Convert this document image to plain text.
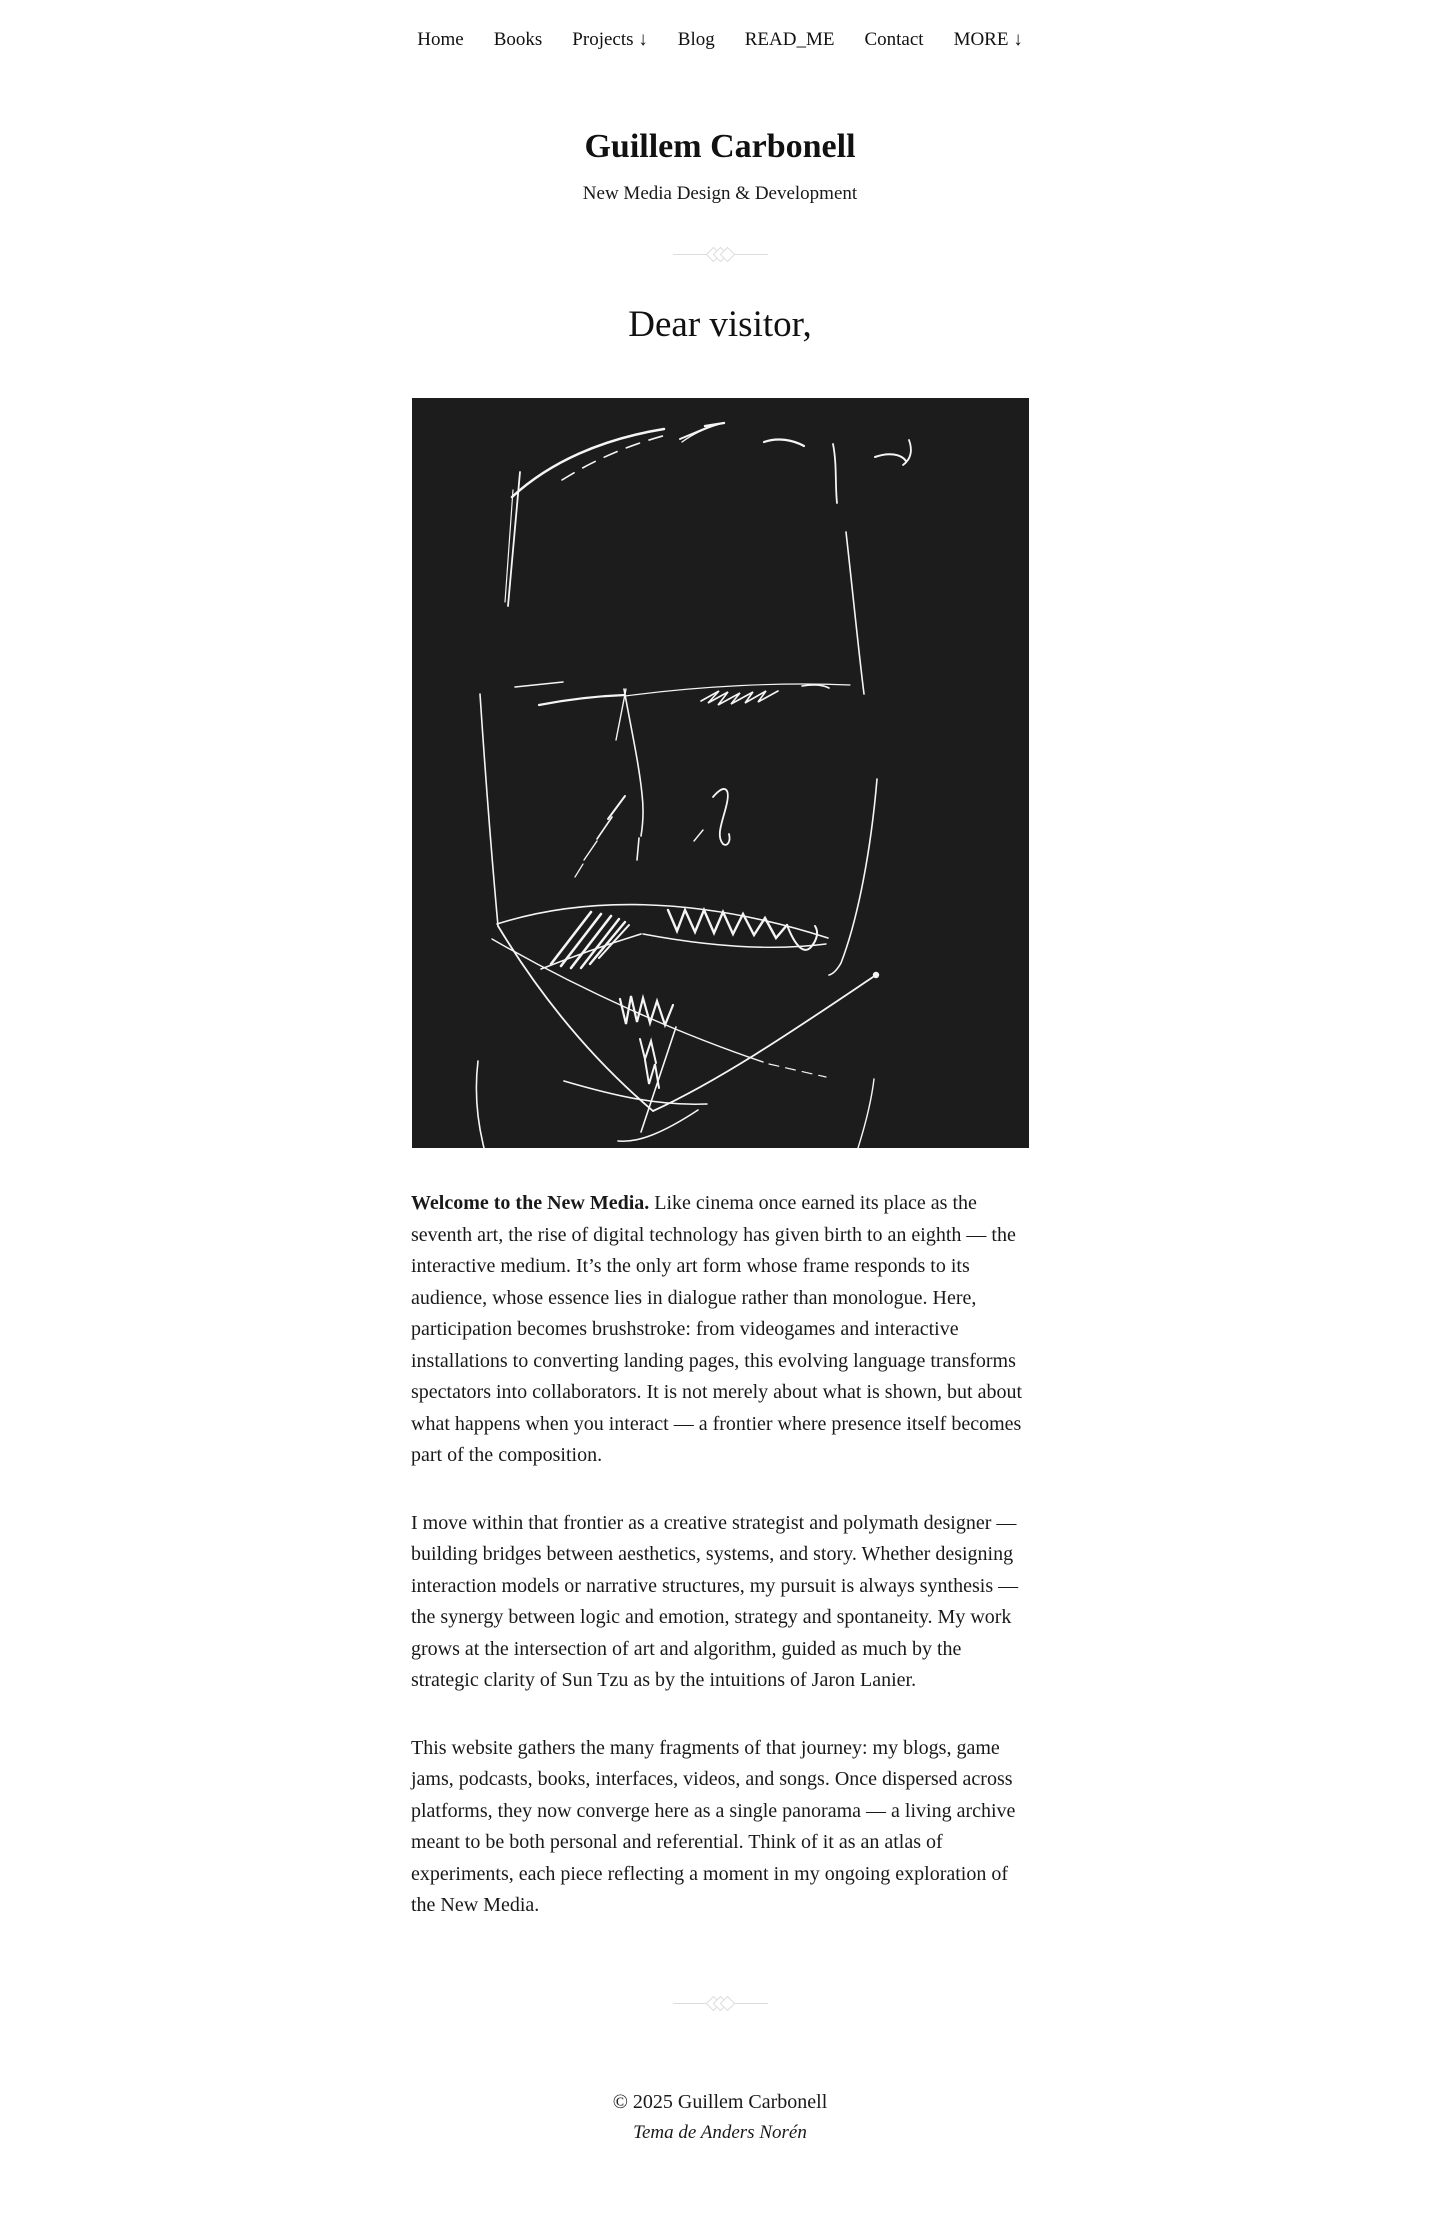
Home Books Projects ↓ Blog READ_ME Contact MORE ↓
Guillem Carbonell

New Media Design & Development

Dear visitor,

Welcome to the New Media. Like cinema once earned its place as the seventh art, the rise of digital technology has given birth to an eighth — the interactive medium. It’s the only art form whose frame responds to its audience, whose essence lies in dialogue rather than monologue. Here, participation becomes brushstroke: from videogames and interactive installations to converting landing pages, this evolving language transforms spectators into collaborators. It is not merely about what is shown, but about what happens when you interact — a frontier where presence itself becomes part of the composition.

I move within that frontier as a creative strategist and polymath designer — building bridges between aesthetics, systems, and story. Whether designing interaction models or narrative structures, my pursuit is always synthesis — the synergy between logic and emotion, strategy and spontaneity. My work grows at the intersection of art and algorithm, guided as much by the strategic clarity of Sun Tzu as by the intuitions of Jaron Lanier.

This website gathers the many fragments of that journey: my blogs, game jams, podcasts, books, interfaces, videos, and songs. Once dispersed across platforms, they now converge here as a single panorama — a living archive meant to be both personal and referential. Think of it as an atlas of experiments, each piece reflecting a moment in my ongoing exploration of the New Media.

© 2025 Guillem Carbonell

Tema de Anders Norén
